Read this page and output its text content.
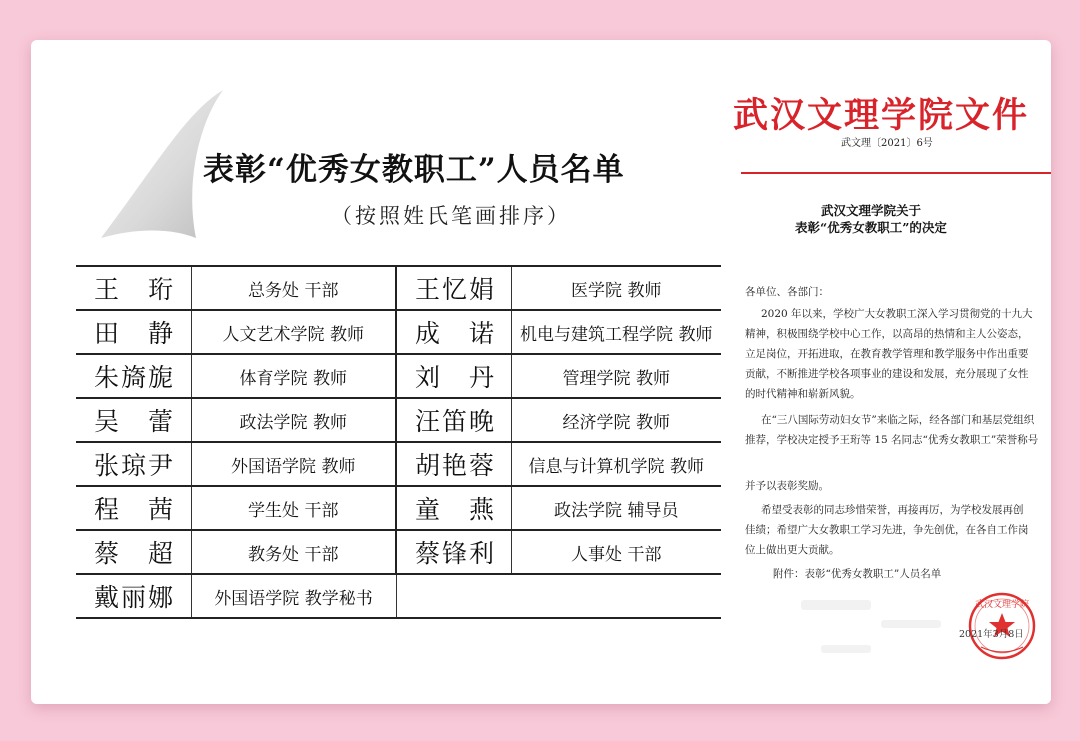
表彰“优秀女教职工”人员名单
（按照姓氏笔画排序）
王　珩	总务处 干部	王忆娟	医学院 教师
田　静	人文艺术学院 教师	成　诺	机电与建筑工程学院 教师
朱旖旎	体育学院 教师	刘　丹	管理学院 教师
吴　蕾	政法学院 教师	汪笛晚	经济学院 教师
张琼尹	外国语学院 教师	胡艳蓉	信息与计算机学院 教师
程　茜	学生处 干部	童　燕	政法学院 辅导员
蔡　超	教务处 干部	蔡锋利	人事处 干部
戴丽娜	外国语学院 教学秘书		
武汉文理学院文件
武文理〔2021〕6号
武汉文理学院关于
表彰“优秀女教职工”的决定
各单位、各部门：
2020 年以来，学校广大女教职工深入学习贯彻党的十九大
精神，积极围绕学校中心工作，以高昂的热情和主人公姿态，
立足岗位，开拓进取，在教育教学管理和教学服务中作出重要
贡献，不断推进学校各项事业的建设和发展，充分展现了女性
的时代精神和崭新风貌。
在“三八国际劳动妇女节”来临之际，经各部门和基层党组织
推荐，学校决定授予王珩等 15 名同志“优秀女教职工”荣誉称号
并予以表彰奖励。
希望受表彰的同志珍惜荣誉，再接再厉，为学校发展再创
佳绩；希望广大女教职工学习先进，争先创优，在各自工作岗
位上做出更大贡献。
附件：表彰“优秀女教职工”人员名单
武汉文理学院
2021年3月8日
